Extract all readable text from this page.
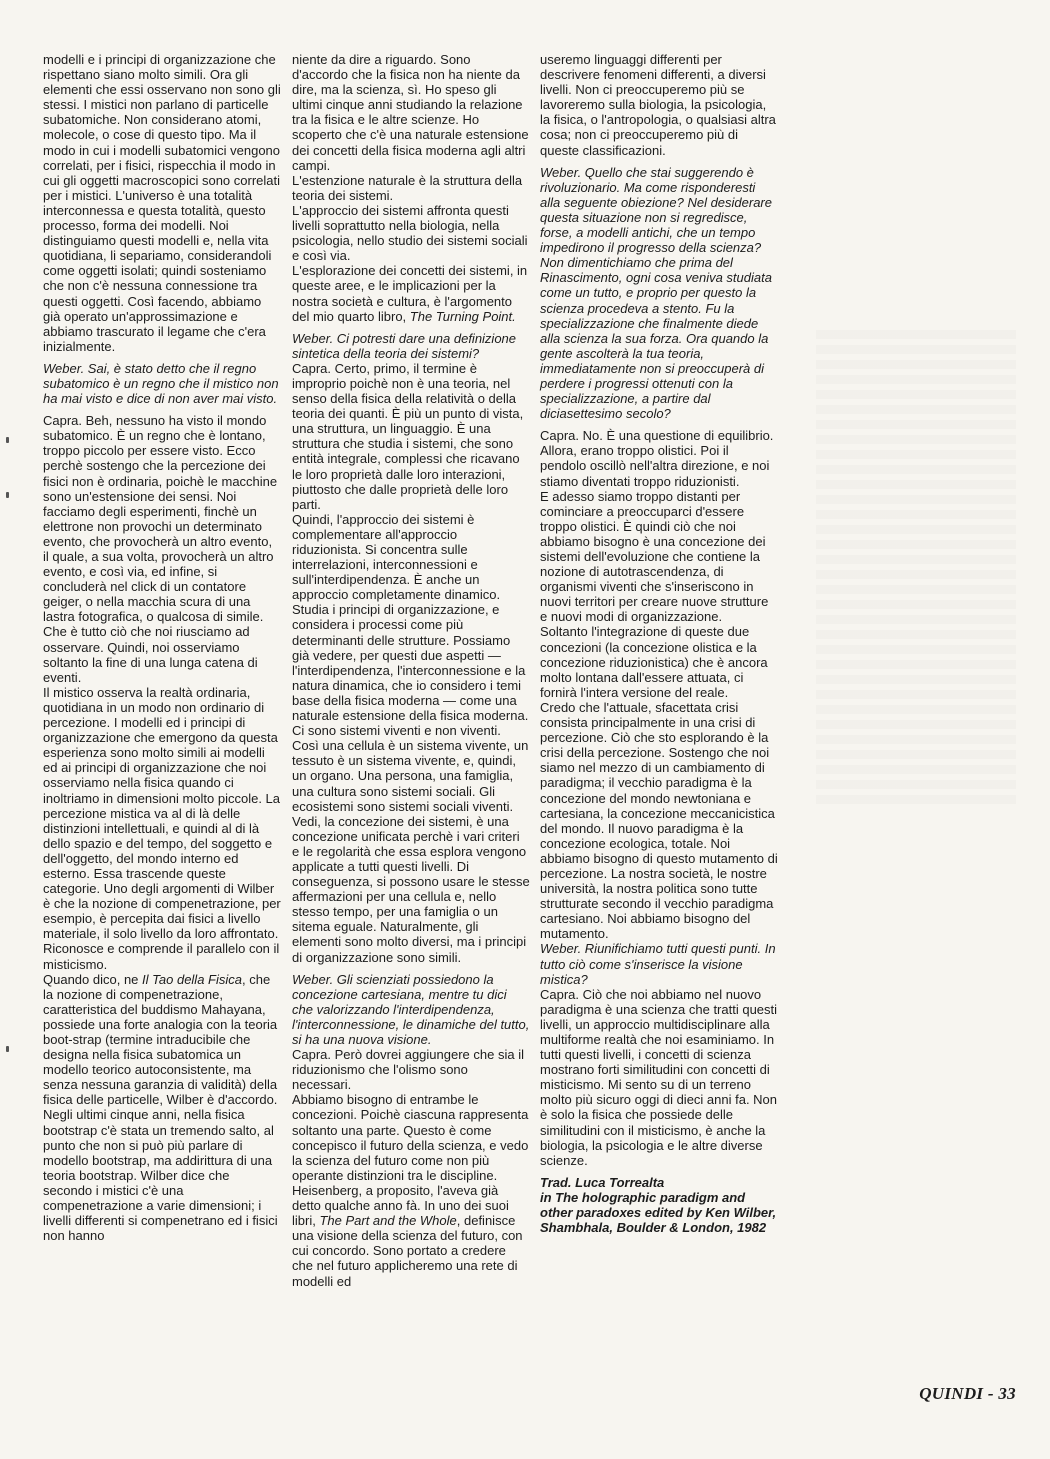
modelli e i principi di organizzazione che rispettano siano molto simili. Ora gli elementi che essi osservano non sono gli stessi. I mistici non parlano di particelle subatomiche. Non considerano atomi, molecole, o cose di questo tipo. Ma il modo in cui i modelli subatomici vengono correlati, per i fisici, rispecchia il modo in cui gli oggetti macroscopici sono correlati per i mistici. L'universo è una totalità interconnessa e questa totalità, questo processo, forma dei modelli. Noi distinguiamo questi modelli e, nella vita quotidiana, li separiamo, considerandoli come oggetti isolati; quindi sosteniamo che non c'è nessuna connessione tra questi oggetti. Così facendo, abbiamo già operato un'approssimazione e abbiamo trascurato il legame che c'era inizialmente.

Weber. Sai, è stato detto che il regno subatomico è un regno che il mistico non ha mai visto e dice di non aver mai visto.

Capra. Beh, nessuno ha visto il mondo subatomico. È un regno che è lontano, troppo piccolo per essere visto. Ecco perchè sostengo che la percezione dei fisici non è ordinaria, poichè le macchine sono un'estensione dei sensi. Noi facciamo degli esperimenti, finchè un elettrone non provochi un determinato evento, che provocherà un altro evento, il quale, a sua volta, provocherà un altro evento, e così via, ed infine, si concluderà nel click di un contatore geiger, o nella macchia scura di una lastra fotografica, o qualcosa di simile. Che è tutto ciò che noi riusciamo ad osservare. Quindi, noi osserviamo soltanto la fine di una lunga catena di eventi.

Il mistico osserva la realtà ordinaria, quotidiana in un modo non ordinario di percezione. I modelli ed i principi di organizzazione che emergono da questa esperienza sono molto simili ai modelli ed ai principi di organizzazione che noi osserviamo nella fisica quando ci inoltriamo in dimensioni molto piccole. La percezione mistica va al di là delle distinzioni intellettuali, e quindi al di là dello spazio e del tempo, del soggetto e dell'oggetto, del mondo interno ed esterno. Essa trascende queste categorie. Uno degli argomenti di Wilber è che la nozione di compenetrazione, per esempio, è percepita dai fisici a livello materiale, il solo livello da loro affrontato. Riconosce e comprende il parallelo con il misticismo.

Quando dico, ne Il Tao della Fisica, che la nozione di compenetrazione, caratteristica del buddismo Mahayana, possiede una forte analogia con la teoria boot-strap (termine intraducibile che designa nella fisica subatomica un modello teorico autoconsistente, ma senza nessuna garanzia di validità) della fisica delle particelle, Wilber è d'accordo. Negli ultimi cinque anni, nella fisica bootstrap c'è stata un tremendo salto, al punto che non si può più parlare di modello bootstrap, ma addirittura di una teoria bootstrap. Wilber dice che secondo i mistici c'è una compenetrazione a varie dimensioni; i livelli differenti si compenetrano ed i fisici non hanno

niente da dire a riguardo. Sono d'accordo che la fisica non ha niente da dire, ma la scienza, sì. Ho speso gli ultimi cinque anni studiando la relazione tra la fisica e le altre scienze. Ho scoperto che c'è una naturale estensione dei concetti della fisica moderna agli altri campi.

L'estenzione naturale è la struttura della teoria dei sistemi.

L'approccio dei sistemi affronta questi livelli soprattutto nella biologia, nella psicologia, nello studio dei sistemi sociali e così via.

L'esplorazione dei concetti dei sistemi, in queste aree, e le implicazioni per la nostra società e cultura, è l'argomento del mio quarto libro, The Turning Point.

Weber. Ci potresti dare una definizione sintetica della teoria dei sistemi?

Capra. Certo, primo, il termine è improprio poichè non è una teoria, nel senso della fisica della relatività o della teoria dei quanti. È più un punto di vista, una struttura, un linguaggio. È una struttura che studia i sistemi, che sono entità integrale, complessi che ricavano le loro proprietà dalle loro interazioni, piuttosto che dalle proprietà delle loro parti.

Quindi, l'approccio dei sistemi è complementare all'approccio riduzionista. Si concentra sulle interrelazioni, interconnessioni e sull'interdipendenza. È anche un approccio completamente dinamico. Studia i principi di organizzazione, e considera i processi come più determinanti delle strutture. Possiamo già vedere, per questi due aspetti — l'interdipendenza, l'interconnessione e la natura dinamica, che io considero i temi base della fisica moderna — come una naturale estensione della fisica moderna. Ci sono sistemi viventi e non viventi. Così una cellula è un sistema vivente, un tessuto è un sistema vivente, e, quindi, un organo. Una persona, una famiglia, una cultura sono sistemi sociali. Gli ecosistemi sono sistemi sociali viventi. Vedi, la concezione dei sistemi, è una concezione unificata perchè i vari criteri e le regolarità che essa esplora vengono applicate a tutti questi livelli. Di conseguenza, si possono usare le stesse affermazioni per una cellula e, nello stesso tempo, per una famiglia o un sitema eguale. Naturalmente, gli elementi sono molto diversi, ma i principi di organizzazione sono simili.

Weber. Gli scienziati possiedono la concezione cartesiana, mentre tu dici che valorizzando l'interdipendenza, l'interconnessione, le dinamiche del tutto, si ha una nuova visione.

Capra. Però dovrei aggiungere che sia il riduzionismo che l'olismo sono necessari.

Abbiamo bisogno di entrambe le concezioni. Poichè ciascuna rappresenta soltanto una parte. Questo è come concepisco il futuro della scienza, e vedo la scienza del futuro come non più operante distinzioni tra le discipline.

Heisenberg, a proposito, l'aveva già detto qualche anno fà. In uno dei suoi libri, The Part and the Whole, definisce una visione della scienza del futuro, con cui concordo. Sono portato a credere che nel futuro applicheremo una rete di modelli ed

useremo linguaggi differenti per descrivere fenomeni differenti, a diversi livelli. Non ci preoccuperemo più se lavoreremo sulla biologia, la psicologia, la fisica, o l'antropologia, o qualsiasi altra cosa; non ci preoccuperemo più di queste classificazioni.

Weber. Quello che stai suggerendo è rivoluzionario. Ma come risponderesti alla seguente obiezione? Nel desiderare questa situazione non si regredisce, forse, a modelli antichi, che un tempo impedirono il progresso della scienza? Non dimentichiamo che prima del Rinascimento, ogni cosa veniva studiata come un tutto, e proprio per questo la scienza procedeva a stento. Fu la specializzazione che finalmente diede alla scienza la sua forza. Ora quando la gente ascolterà la tua teoria, immediatamente non si preoccuperà di perdere i progressi ottenuti con la specializzazione, a partire dal diciasettesimo secolo?

Capra. No. È una questione di equilibrio. Allora, erano troppo olistici. Poi il pendolo oscillò nell'altra direzione, e noi stiamo diventati troppo riduzionisti.

E adesso siamo troppo distanti per cominciare a preoccuparci d'essere troppo olistici. È quindi ciò che noi abbiamo bisogno è una concezione dei sistemi dell'evoluzione che contiene la nozione di autotrascendenza, di organismi viventi che s'inseriscono in nuovi territori per creare nuove strutture e nuovi modi di organizzazione.

Soltanto l'integrazione di queste due concezioni (la concezione olistica e la concezione riduzionistica) che è ancora molto lontana dall'essere attuata, ci fornirà l'intera versione del reale.

Credo che l'attuale, sfacettata crisi consista principalmente in una crisi di percezione. Ciò che sto esplorando è la crisi della percezione. Sostengo che noi siamo nel mezzo di un cambiamento di paradigma; il vecchio paradigma è la concezione del mondo newtoniana e cartesiana, la concezione meccanicistica del mondo. Il nuovo paradigma è la concezione ecologica, totale. Noi abbiamo bisogno di questo mutamento di percezione. La nostra società, le nostre università, la nostra politica sono tutte strutturate secondo il vecchio paradigma cartesiano. Noi abbiamo bisogno del mutamento.

Weber. Riunifichiamo tutti questi punti. In tutto ciò come s'inserisce la visione mistica?

Capra. Ciò che noi abbiamo nel nuovo paradigma è una scienza che tratti questi livelli, un approccio multidisciplinare alla multiforme realtà che noi esaminiamo. In tutti questi livelli, i concetti di scienza mostrano forti similitudini con concetti di misticismo. Mi sento su di un terreno molto più sicuro oggi di dieci anni fa. Non è solo la fisica che possiede delle similitudini con il misticismo, è anche la biologia, la psicologia e le altre diverse scienze.

Trad. Luca Torrealta

in The holographic paradigm and other paradoxes edited by Ken Wilber, Shambhala, Boulder & London, 1982

QUINDI - 33
